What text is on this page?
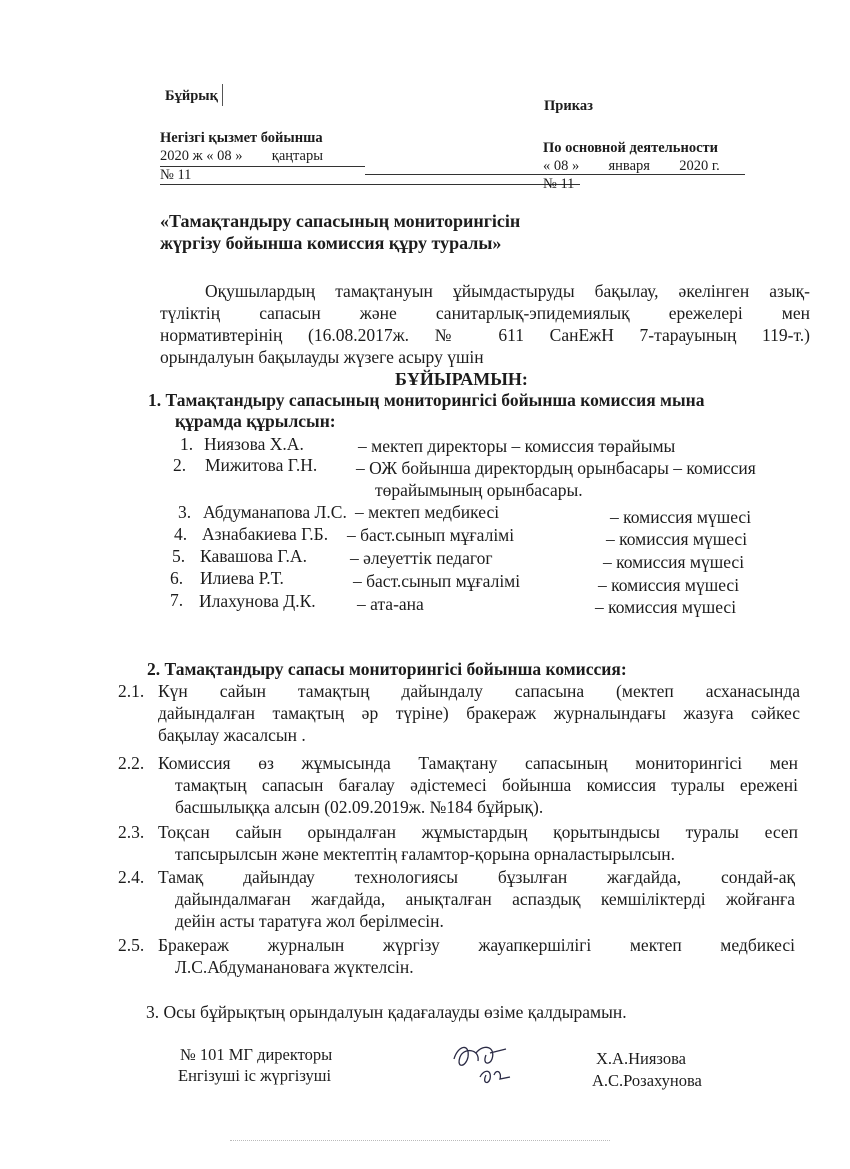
Бұйрық
Негізгі қызмет бойынша
2020 ж « 08 » қаңтары
№ 11
Приказ
По основной деятельности
« 08 » января 2020 г.
№ 11
«Тамақтандыру сапасының мониторингісін
жүргізу бойынша комиссия құру туралы»
Оқушылардың тамақтануын ұйымдастыруды бақылау, әкелінген азық-
түліктің сапасын және санитарлық-эпидемиялық ережелері мен
нормативтерінің (16.08.2017ж. № 611 СанЕжН 7-тарауының 119-т.)
орындалуын бақылауды жүзеге асыру үшін
БҰЙЫРАМЫН:
1. Тамақтандыру сапасының мониторингісі бойынша комиссия мына
құрамда құрылсын:
1. Ниязова Х.А.	– мектеп директоры – комиссия төрайымы
2. Мижитова Г.Н. – ОЖ бойынша директордың орынбасары – комиссия
төрайымының орынбасары.
3. Абдуманапова Л.С. – мектеп медбикесі	– комиссия мүшесі
4. Азнабакиева Г.Б. – баст.сынып мұғалімі	– комиссия мүшесі
5. Кавашова Г.А. – әлеуеттік педагог	– комиссия мүшесі
6. Илиева Р.Т.	– баст.сынып мұғалімі	– комиссия мүшесі
7. Илахунова Д.К. – ата-ана	– комиссия мүшесі
2. Тамақтандыру сапасы мониторингісі бойынша комиссия:
2.1. Күн сайын тамақтың дайындалу сапасына (мектеп асханасында
дайындалған тамақтың әр түріне) бракераж журналындағы жазуға сәйкес
бақылау жасалсын .
2.2. Комиссия өз жұмысында Тамақтану сапасының мониторингісі мен
тамақтың сапасын бағалау әдістемесі бойынша комиссия туралы ережені
басшылыққа алсын (02.09.2019ж. №184 бұйрық).
2.3. Тоқсан сайын орындалған жұмыстардың қорытындысы туралы есеп
тапсырылсын және мектептің ғаламтор-қорына орналастырылсын.
2.4. Тамақ дайындау технологиясы бұзылған жағдайда, сондай-ақ
дайындалмаған жағдайда, анықталған аспаздық кемшіліктерді жойғанға
дейін асты таратуға жол берілмесін.
2.5. Бракераж журналын жүргізу жауапкершілігі мектеп медбикесі
Л.С.Абдуманановаға жүктелсін.
3. Осы бұйрықтың орындалуын қадағалауды өзіме қалдырамын.
№ 101 МГ директоры
Енгізуші іс жүргізуші
Х.А.Ниязова
А.С.Розахунова
